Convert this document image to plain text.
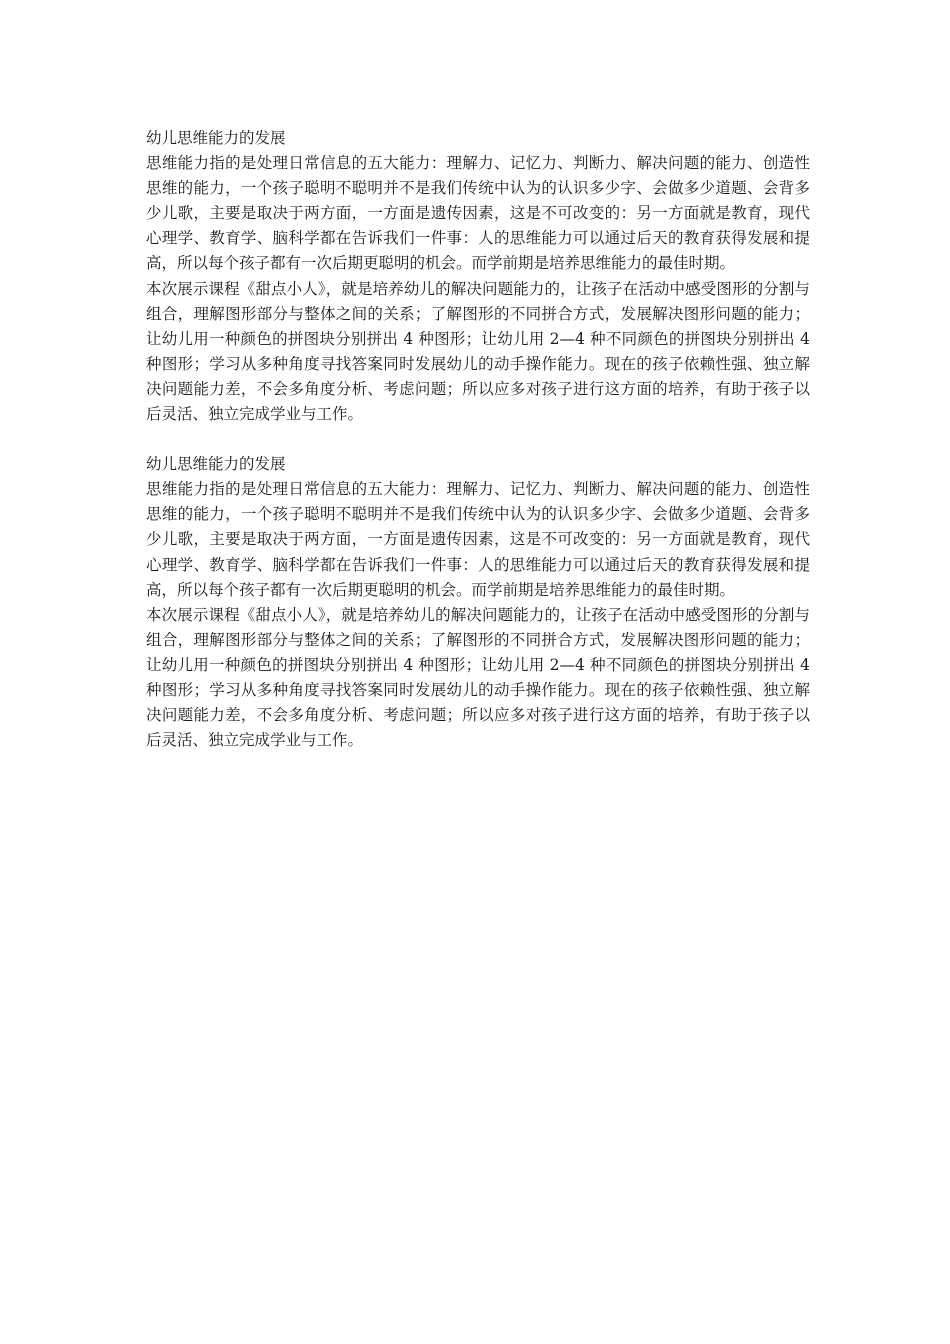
幼儿思维能力的发展

思维能力指的是处理日常信息的五大能力：理解力、记忆力、判断力、解决问题的能力、创造性思维的能力，一个孩子聪明不聪明并不是我们传统中认为的认识多少字、会做多少道题、会背多少儿歌，主要是取决于两方面，一方面是遗传因素，这是不可改变的：另一方面就是教育，现代心理学、教育学、脑科学都在告诉我们一件事：人的思维能力可以通过后天的教育获得发展和提高，所以每个孩子都有一次后期更聪明的机会。而学前期是培养思维能力的最佳时期。

本次展示课程《甜点小人》，就是培养幼儿的解决问题能力的，让孩子在活动中感受图形的分割与组合，理解图形部分与整体之间的关系；了解图形的不同拼合方式，发展解决图形问题的能力；让幼儿用一种颜色的拼图块分别拼出 4 种图形；让幼儿用 2—4 种不同颜色的拼图块分别拼出 4 种图形；学习从多种角度寻找答案同时发展幼儿的动手操作能力。现在的孩子依赖性强、独立解决问题能力差，不会多角度分析、考虑问题；所以应多对孩子进行这方面的培养，有助于孩子以后灵活、独立完成学业与工作。

幼儿思维能力的发展

思维能力指的是处理日常信息的五大能力：理解力、记忆力、判断力、解决问题的能力、创造性思维的能力，一个孩子聪明不聪明并不是我们传统中认为的认识多少字、会做多少道题、会背多少儿歌，主要是取决于两方面，一方面是遗传因素，这是不可改变的：另一方面就是教育，现代心理学、教育学、脑科学都在告诉我们一件事：人的思维能力可以通过后天的教育获得发展和提高，所以每个孩子都有一次后期更聪明的机会。而学前期是培养思维能力的最佳时期。

本次展示课程《甜点小人》，就是培养幼儿的解决问题能力的，让孩子在活动中感受图形的分割与组合，理解图形部分与整体之间的关系；了解图形的不同拼合方式，发展解决图形问题的能力；让幼儿用一种颜色的拼图块分别拼出 4 种图形；让幼儿用 2—4 种不同颜色的拼图块分别拼出 4 种图形；学习从多种角度寻找答案同时发展幼儿的动手操作能力。现在的孩子依赖性强、独立解决问题能力差，不会多角度分析、考虑问题；所以应多对孩子进行这方面的培养，有助于孩子以后灵活、独立完成学业与工作。
